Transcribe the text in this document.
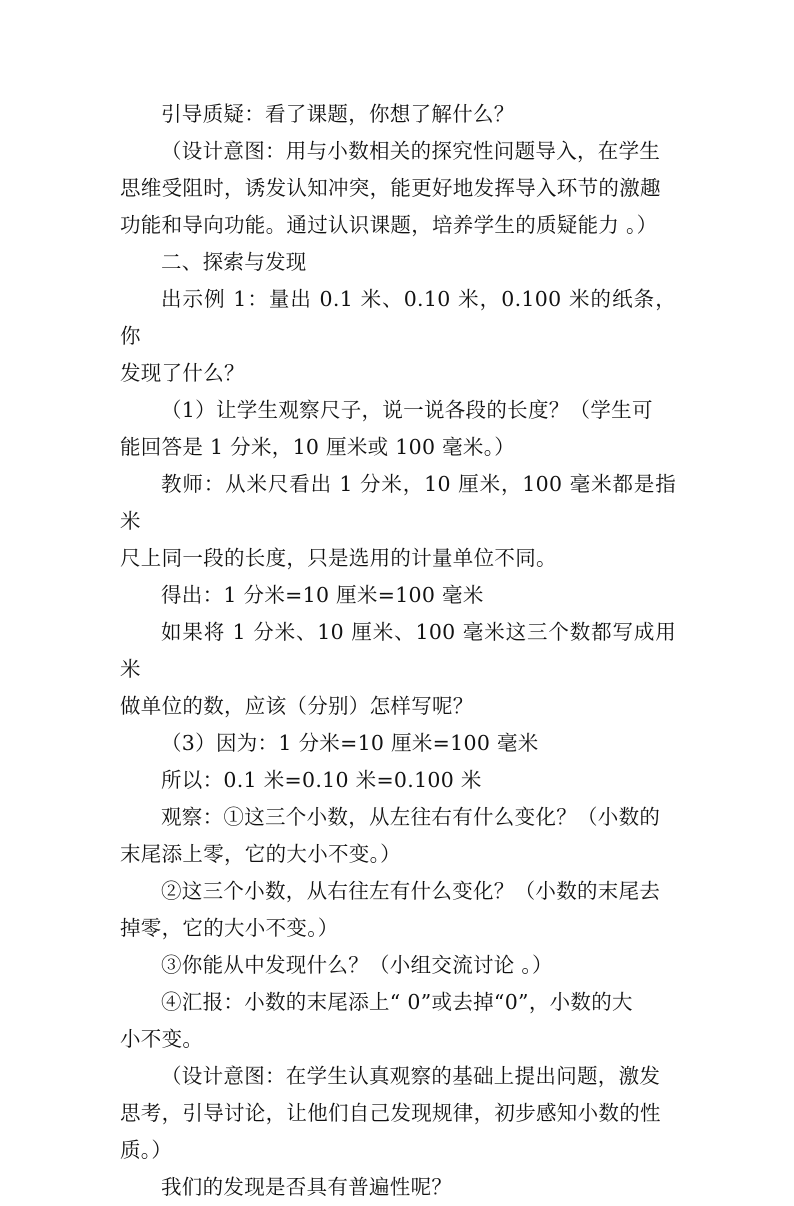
引导质疑：看了课题，你想了解什么？

（设计意图：用与小数相关的探究性问题导入，在学生
思维受阻时，诱发认知冲突，能更好地发挥导入环节的激趣
功能和导向功能。通过认识课题，培养学生的质疑能力 。）

二、探索与发现

出示例 1：量出 0.1 米、0.10 米，0.100 米的纸条，你
发现了什么？

（1）让学生观察尺子，说一说各段的长度？（学生可
能回答是 1 分米，10 厘米或 100 毫米。）

教师：从米尺看出 1 分米，10 厘米，100 毫米都是指米
尺上同一段的长度，只是选用的计量单位不同。

得出：1 分米=10 厘米=100 毫米

如果将 1 分米、10 厘米、100 毫米这三个数都写成用米
做单位的数，应该（分别）怎样写呢？

（3）因为：1 分米=10 厘米=100 毫米

所以：0.1 米=0.10 米=0.100 米

观察：①这三个小数，从左往右有什么变化？（小数的
末尾添上零，它的大小不变。）

②这三个小数，从右往左有什么变化？（小数的末尾去
掉零，它的大小不变。）

③你能从中发现什么？（小组交流讨论 。）

④汇报：小数的末尾添上“ 0”或去掉“0”，小数的大
小不变。

（设计意图：在学生认真观察的基础上提出问题，激发
思考，引导讨论，让他们自己发现规律，初步感知小数的性
质。）

我们的发现是否具有普遍性呢？
